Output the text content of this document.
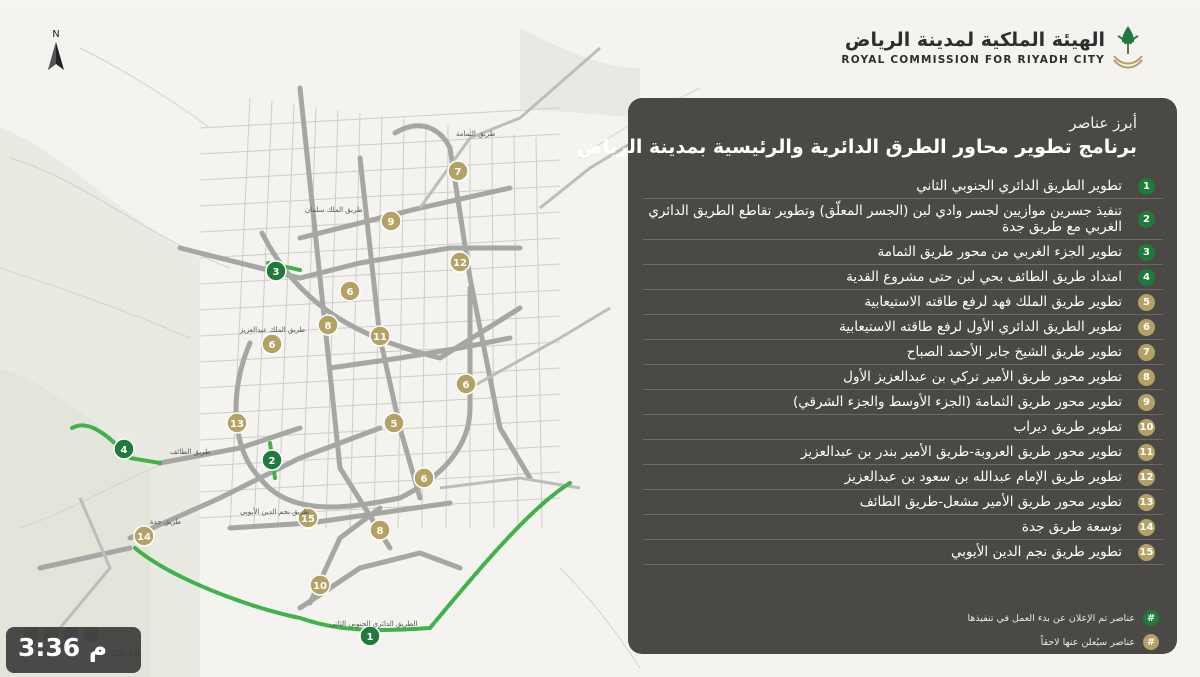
1
2
3
4
5
6
6
6
6
7
8
8
9
10
11
12
13
14
15
طريق الثمامة
طريق الملك سلمان
طريق الملك عبدالعزيز
طريق الطائف
طريق جدة
طريق نجم الدين الأيوبي
الطريق الدائري الجنوبي الثاني
N	الهيئة الملكية لمدينة الرياض
ROYAL COMMISSION FOR RIYADH CITY
أبرز عناصر
برنامج تطوير محاور الطرق الدائرية والرئيسية بمدينة الرياض
1
تطوير الطريق الدائري الجنوبي الثاني
2
تنفيذ جسرين موازيين لجسر وادي لبن (الجسر المعلّق) وتطوير تقاطع الطريق الدائري الغربي مع طريق جدة
3
تطوير الجزء الغربي من محور طريق الثمامة
4
امتداد طريق الطائف بحي لبن حتى مشروع القدية
5
تطوير طريق الملك فهد لرفع طاقته الاستيعابية
6
تطوير الطريق الدائري الأول لرفع طاقته الاستيعابية
7
تطوير طريق الشيخ جابر الأحمد الصباح
8
تطوير محور طريق الأمير تركي بن عبدالعزيز الأول
9
تطوير محور طريق الثمامة (الجزء الأوسط والجزء الشرقي)
10
تطوير طريق ديراب
11
تطوير محور طريق العروبة-طريق الأمير بندر بن عبدالعزيز
12
تطوير طريق الإمام عبدالله بن سعود بن عبدالعزيز
13
تطوير محور طريق الأمير مشعل-طريق الطائف
14
توسعة طريق جدة
15
تطوير طريق نجم الدين الأيوبي
#
عناصر تم الإعلان عن بدء العمل في تنفيذها
#
عناصر سيُعلن عنها لاحقاً
3:36 م
